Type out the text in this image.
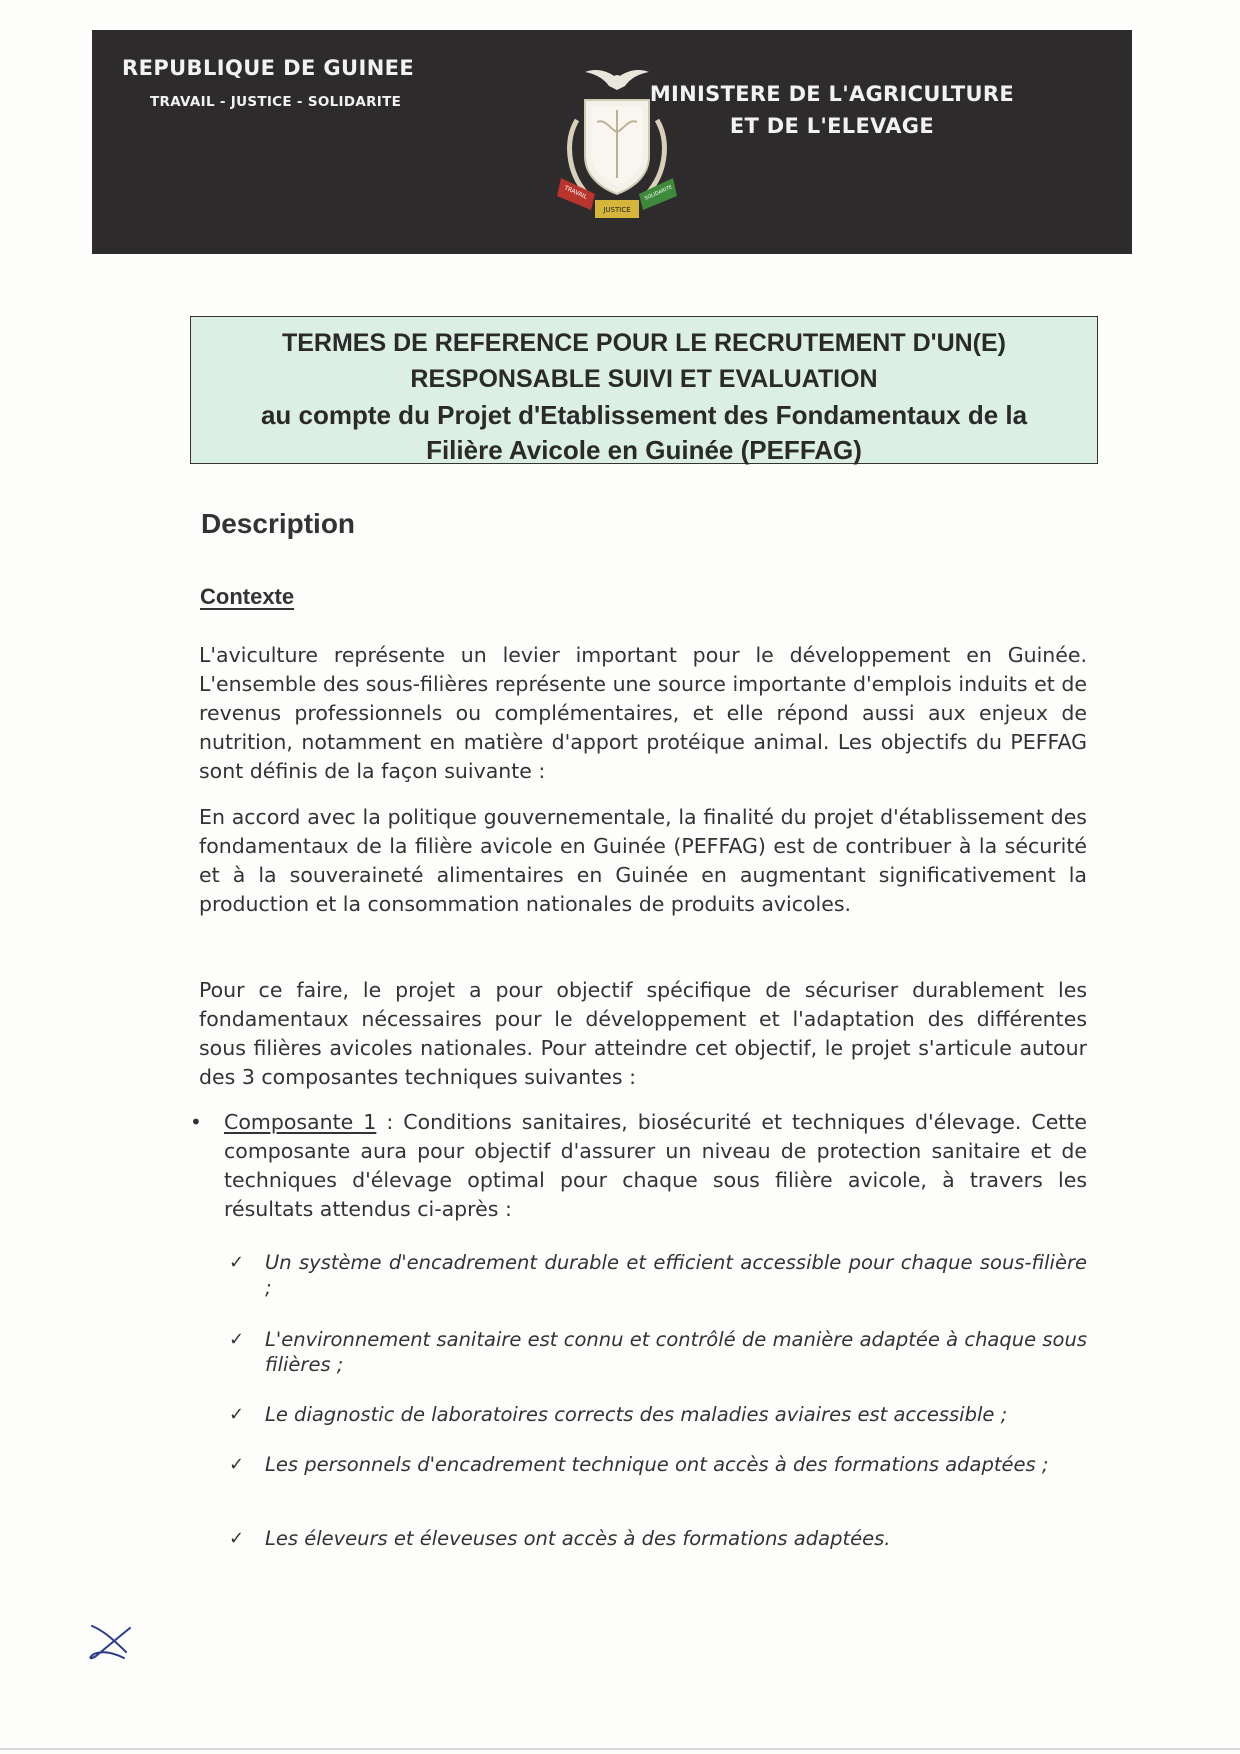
REPUBLIQUE DE GUINEE
TRAVAIL - JUSTICE - SOLIDARITE
JUSTICE
TRAVAIL	SOLIDARITE
MINISTERE DE L'AGRICULTURE
ET DE L'ELEVAGE
TERMES DE REFERENCE POUR LE RECRUTEMENT D'UN(E)
RESPONSABLE SUIVI ET EVALUATION
au compte du Projet d'Etablissement des Fondamentaux de la
Filière Avicole en Guinée (PEFFAG)
Description
Contexte
L'aviculture représente un levier important pour le développement en Guinée. L'ensemble des sous-filières représente une source importante d'emplois induits et de revenus professionnels ou complémentaires, et elle répond aussi aux enjeux de nutrition, notamment en matière d'apport protéique animal. Les objectifs du PEFFAG sont définis de la façon suivante :
En accord avec la politique gouvernementale, la finalité du projet d'établissement des fondamentaux de la filière avicole en Guinée (PEFFAG) est de contribuer à la sécurité et à la souveraineté alimentaires en Guinée en augmentant significativement la production et la consommation nationales de produits avicoles.
Pour ce faire, le projet a pour objectif spécifique de sécuriser durablement les fondamentaux nécessaires pour le développement et l'adaptation des différentes sous filières avicoles nationales. Pour atteindre cet objectif, le projet s'articule autour des 3 composantes techniques suivantes :
• Composante 1 : Conditions sanitaires, biosécurité et techniques d'élevage. Cette composante aura pour objectif d'assurer un niveau de protection sanitaire et de techniques d'élevage optimal pour chaque sous filière avicole, à travers les résultats attendus ci-après :
✓ Un système d'encadrement durable et efficient accessible pour chaque sous-filière ;
✓ L'environnement sanitaire est connu et contrôlé de manière adaptée à chaque sous filières ;
✓ Le diagnostic de laboratoires corrects des maladies aviaires est accessible ;
✓ Les personnels d'encadrement technique ont accès à des formations adaptées ;
✓ Les éleveurs et éleveuses ont accès à des formations adaptées.
